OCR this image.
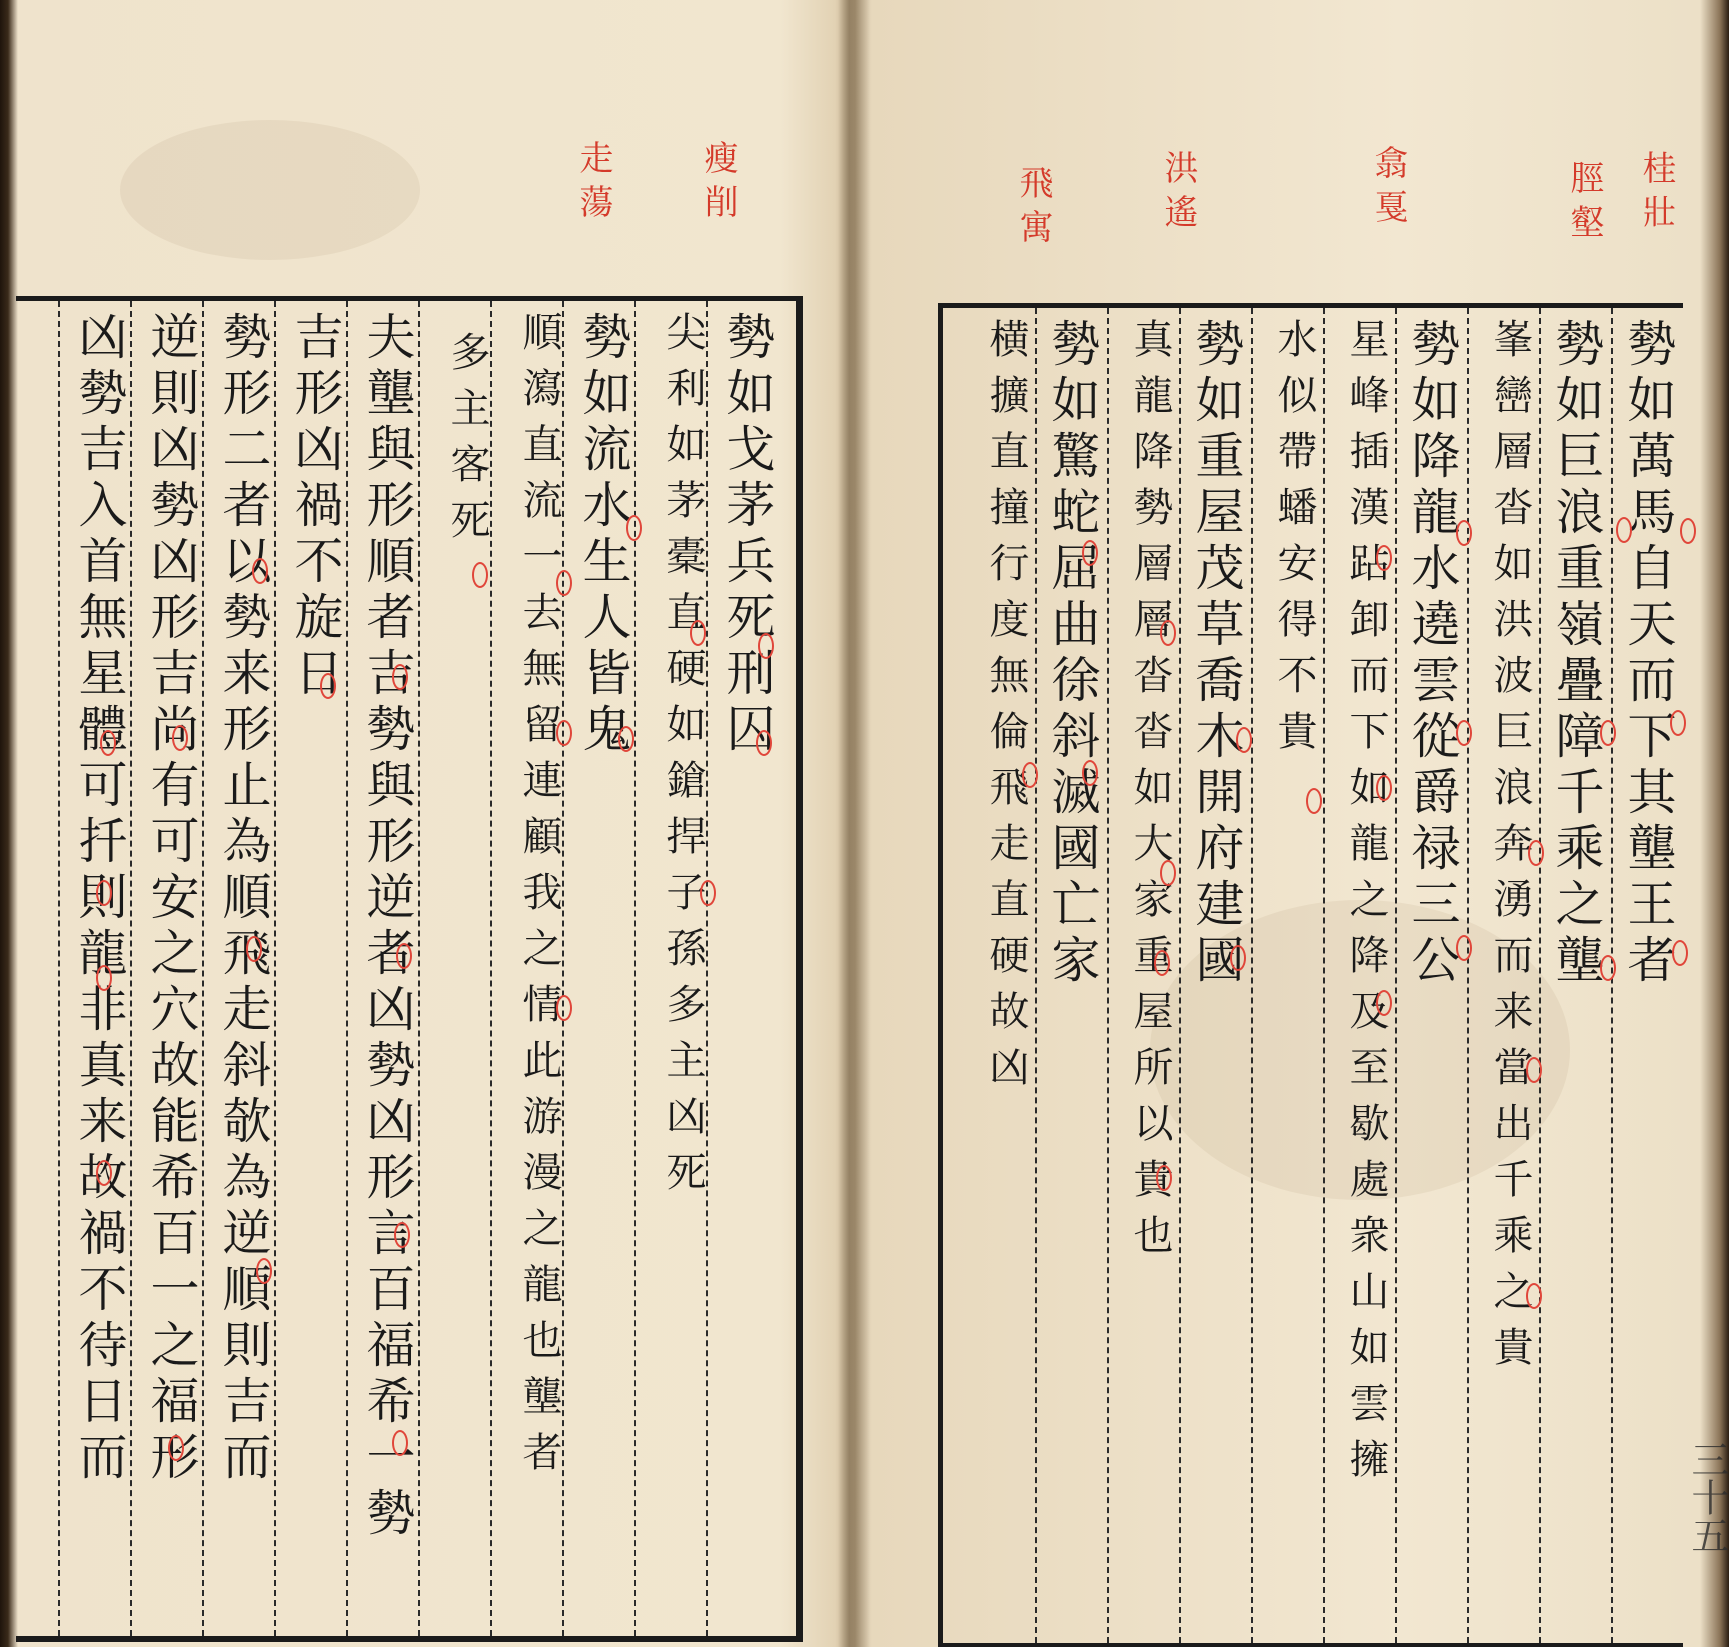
瘦削
走蕩
勢如戈茅兵死刑囚
尖利如茅橐直硬如鎗捍子孫多主凶死
勢如流水生人皆鬼
順瀉直流一去無留連顧我之情此游漫之龍也壟者
多主客死
夫壟與形順者吉勢與形逆者凶勢凶形言百福希一勢
吉形凶禍不旋日
勢形二者以勢来形止為順飛走斜欹為逆順則吉而
逆則凶勢凶形吉尚有可安之穴故能希百一之福形
凶勢吉入首無星體可扦則龍非真来故禍不待日而
桂壯
脛壑
翕戛
洪遙
飛寓
三十五
勢如萬馬自天而下其壟王者
勢如巨浪重嶺疊障千乘之壟
峯巒層沓如洪波巨浪奔湧而来當出千乘之貴
勢如降龍水遶雲從爵禄三公
星峰插漢跕卸而下如龍之降及至歇處衆山如雲擁
水似帶蟠安得不貴
勢如重屋茂草喬木開府建國
真龍降勢層層沓沓如大家重屋所以貴也
勢如驚蛇屈曲徐斜滅國亡家
横擴直撞行度無倫飛走直硬故凶
